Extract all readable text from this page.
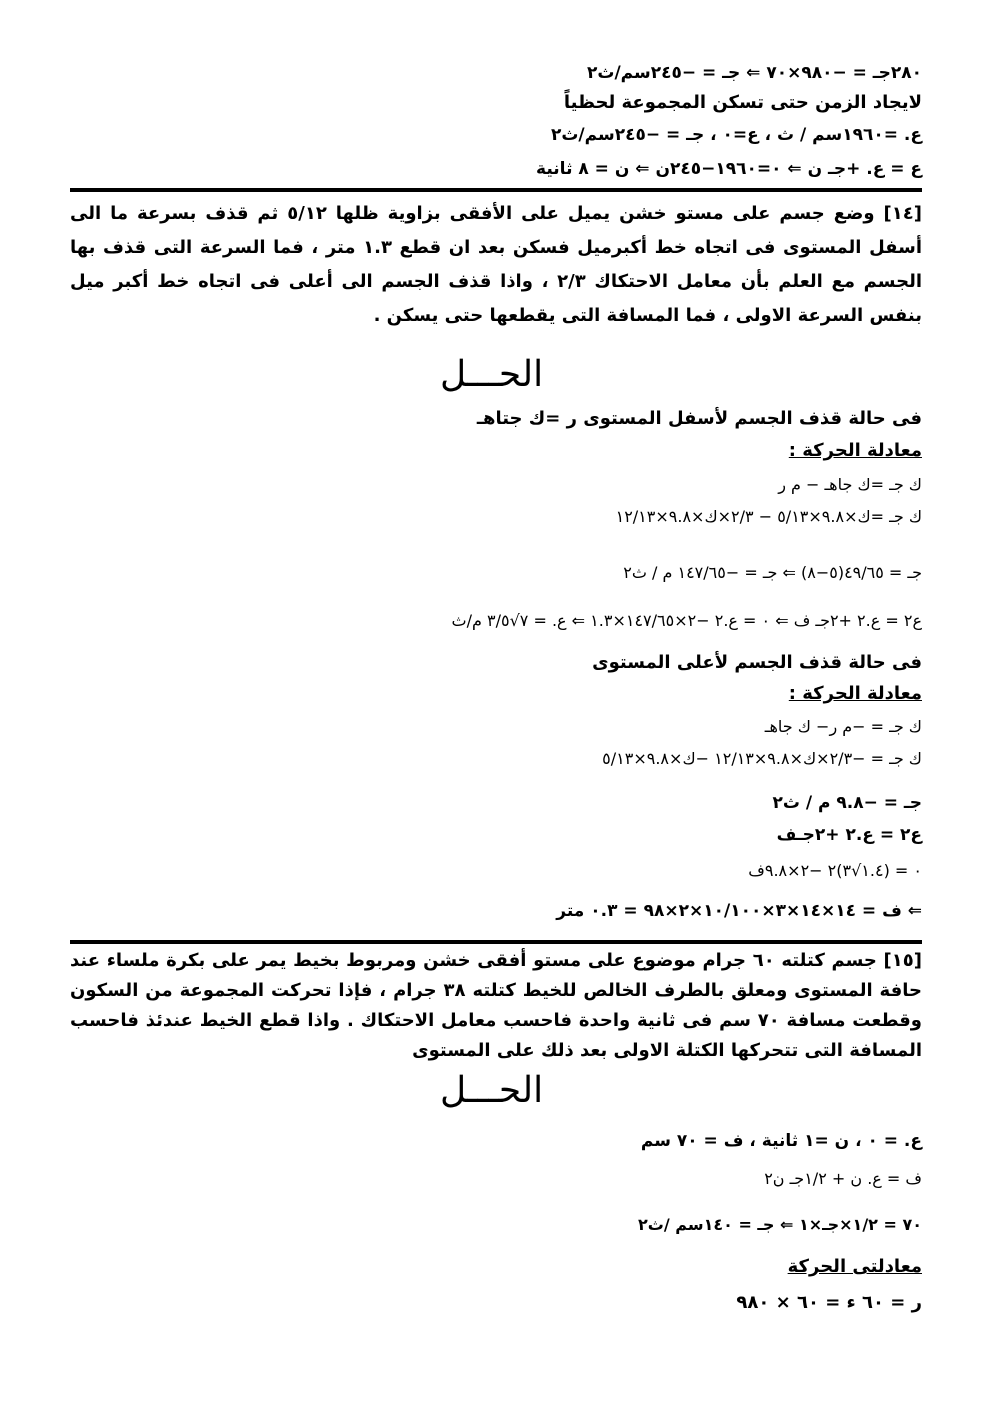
٢٨٠جـ = −٩٨٠×٧٠ ⇐ جـ = −٢٤٥سم/ث٢
لايجاد الزمن حتى تسكن المجموعة لحظياً
ع. =١٩٦٠سم / ث ، ع=٠ ، جـ = −٢٤٥سم/ث٢
ع = ع. +جـ ن ⇐ ٠=١٩٦٠−٢٤٥ن ⇐ ن = ٨ ثانية
[١٤] وضع جسم على مستو خشن يميل على الأفقى بزاوية ظلها ٥/١٢ ثم قذف بسرعة ما الى أسفل المستوى فى اتجاه خط أكبرميل فسكن بعد ان قطع ١.٣ متر ، فما السرعة التى قذف بها الجسم مع العلم بأن معامل الاحتكاك ٢/٣ ، واذا قذف الجسم الى أعلى فى اتجاه خط أكبر ميل بنفس السرعة الاولى ، فما المسافة التى يقطعها حتى يسكن .
الحـــل
فى حالة قذف الجسم لأسفل المستوى ر =ك جتاهـ
معادلة الحركة :
ك جـ =ك جاهـ − م ر
ك جـ =ك×٩.٨×٥/١٣ − ٢/٣×ك×٩.٨×١٢/١٣
جـ = ٤٩/٦٥(٥−٨) ⇐ جـ = −١٤٧/٦٥ م / ث٢
ع٢ = ع.٢ +٢جـ ف ⇐ ٠ = ع.٢ −٢×١٤٧/٦٥×١.٣ ⇐ ع. = ٧√٣/٥ م/ث
فى حالة قذف الجسم لأعلى المستوى
معادلة الحركة :
ك جـ = −م ر− ك جاهـ
ك جـ = −٢/٣×ك×٩.٨×١٢/١٣ −ك×٩.٨×٥/١٣
جـ = −٩.٨ م / ث٢
ع٢ = ع.٢ +٢جـف
٠ = (١.٤√٣)٢ −٢×٩.٨ف
⇐ ف = ١٤×١٤×٣×١٠/١٠٠×٢×٩٨ = ٠.٣ متر
ر
م ر
ك جاهـ
هـ
ك جتاهـ
ك ء
ر
م ر
ك جاهـ
هـ
ك جتاهـ
ك ء
١٣
٥
١٢
هـ
[١٥] جسم كتلته ٦٠ جرام موضوع على مستو أفقى خشن ومربوط بخيط يمر على بكرة ملساء عند حافة المستوى ومعلق بالطرف الخالص للخيط كتلته ٣٨ جرام ، فإذا تحركت المجموعة من السكون وقطعت مسافة ٧٠ سم فى ثانية واحدة فاحسب معامل الاحتكاك . واذا قطع الخيط عندئذ فاحسب المسافة التى تتحركها الكتلة الاولى بعد ذلك على المستوى
الحـــل
ع. = ٠ ، ن =١ ثانية ، ف = ٧٠ سم
ف = ع. ن + ١/٢جـ ن٢
٧٠ = ١/٢×جـ×١ ⇐ جـ = ١٤٠سم /ث٢
معادلتى الحركة
ر = ٦٠ ء = ٦٠ × ٩٨٠
ر
م ر	شـ
شـ
٦٠ء
٣٨ء
